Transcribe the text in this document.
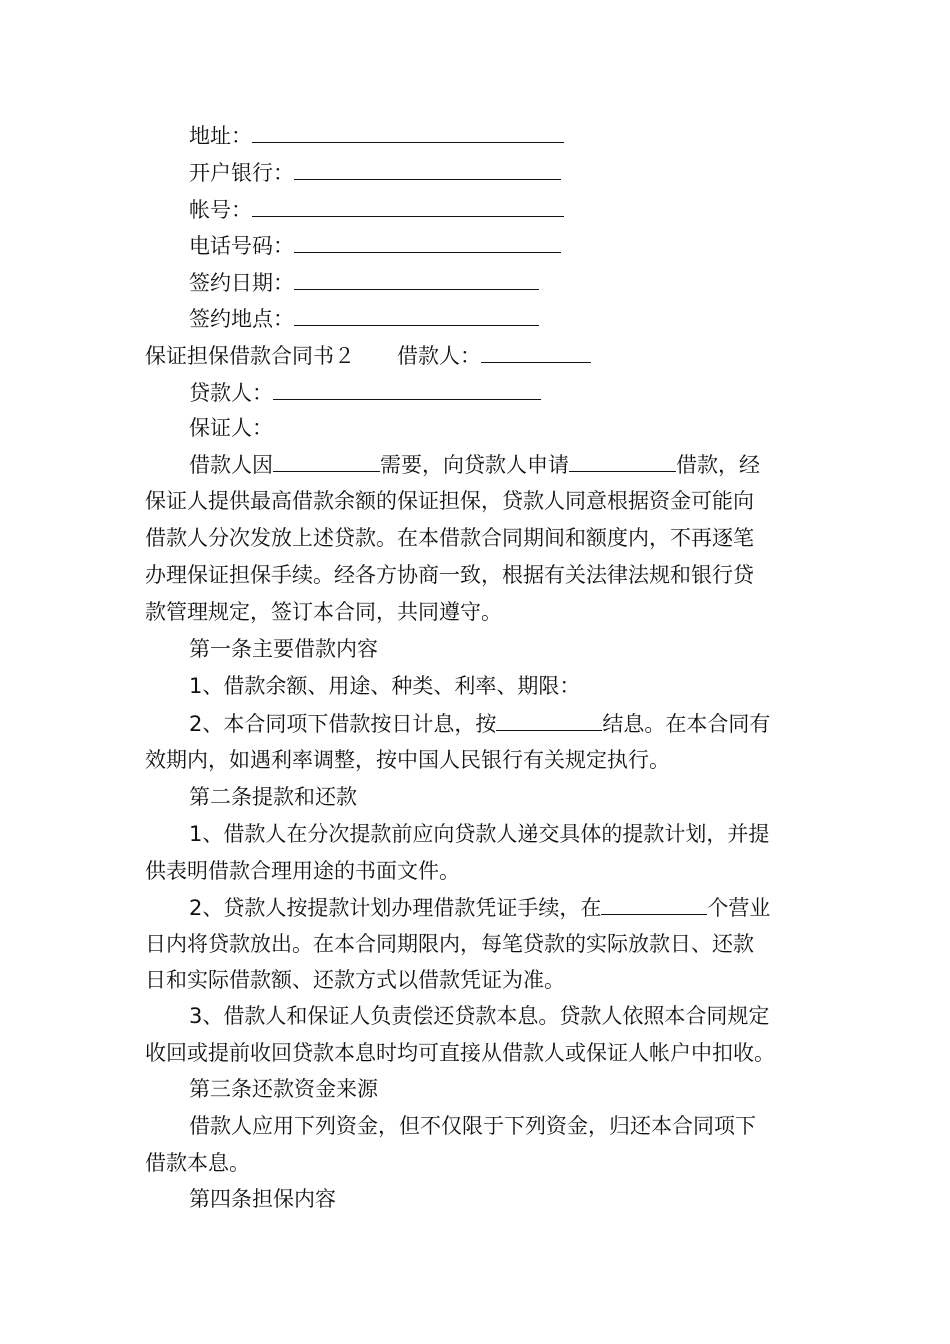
地址：
开户银行：
帐号：
电话号码：
签约日期：
签约地点：
保证担保借款合同书２ 借款人：
贷款人：
保证人：
借款人因	需要，向贷款人申请	借款，经
保证人提供最高借款余额的保证担保，贷款人同意根据资金可能向
借款人分次发放上述贷款。在本借款合同期间和额度内，不再逐笔
办理保证担保手续。经各方协商一致，根据有关法律法规和银行贷
款管理规定，签订本合同，共同遵守。
第一条主要借款内容
1、借款余额、用途、种类、利率、期限：
2、本合同项下借款按日计息，按	结息。在本合同有
效期内，如遇利率调整，按中国人民银行有关规定执行。
第二条提款和还款
1、借款人在分次提款前应向贷款人递交具体的提款计划，并提
供表明借款合理用途的书面文件。
2、贷款人按提款计划办理借款凭证手续，在	个营业
日内将贷款放出。在本合同期限内，每笔贷款的实际放款日、还款
日和实际借款额、还款方式以借款凭证为准。
3、借款人和保证人负责偿还贷款本息。贷款人依照本合同规定
收回或提前收回贷款本息时均可直接从借款人或保证人帐户中扣收。
第三条还款资金来源
借款人应用下列资金，但不仅限于下列资金，归还本合同项下
借款本息。
第四条担保内容
